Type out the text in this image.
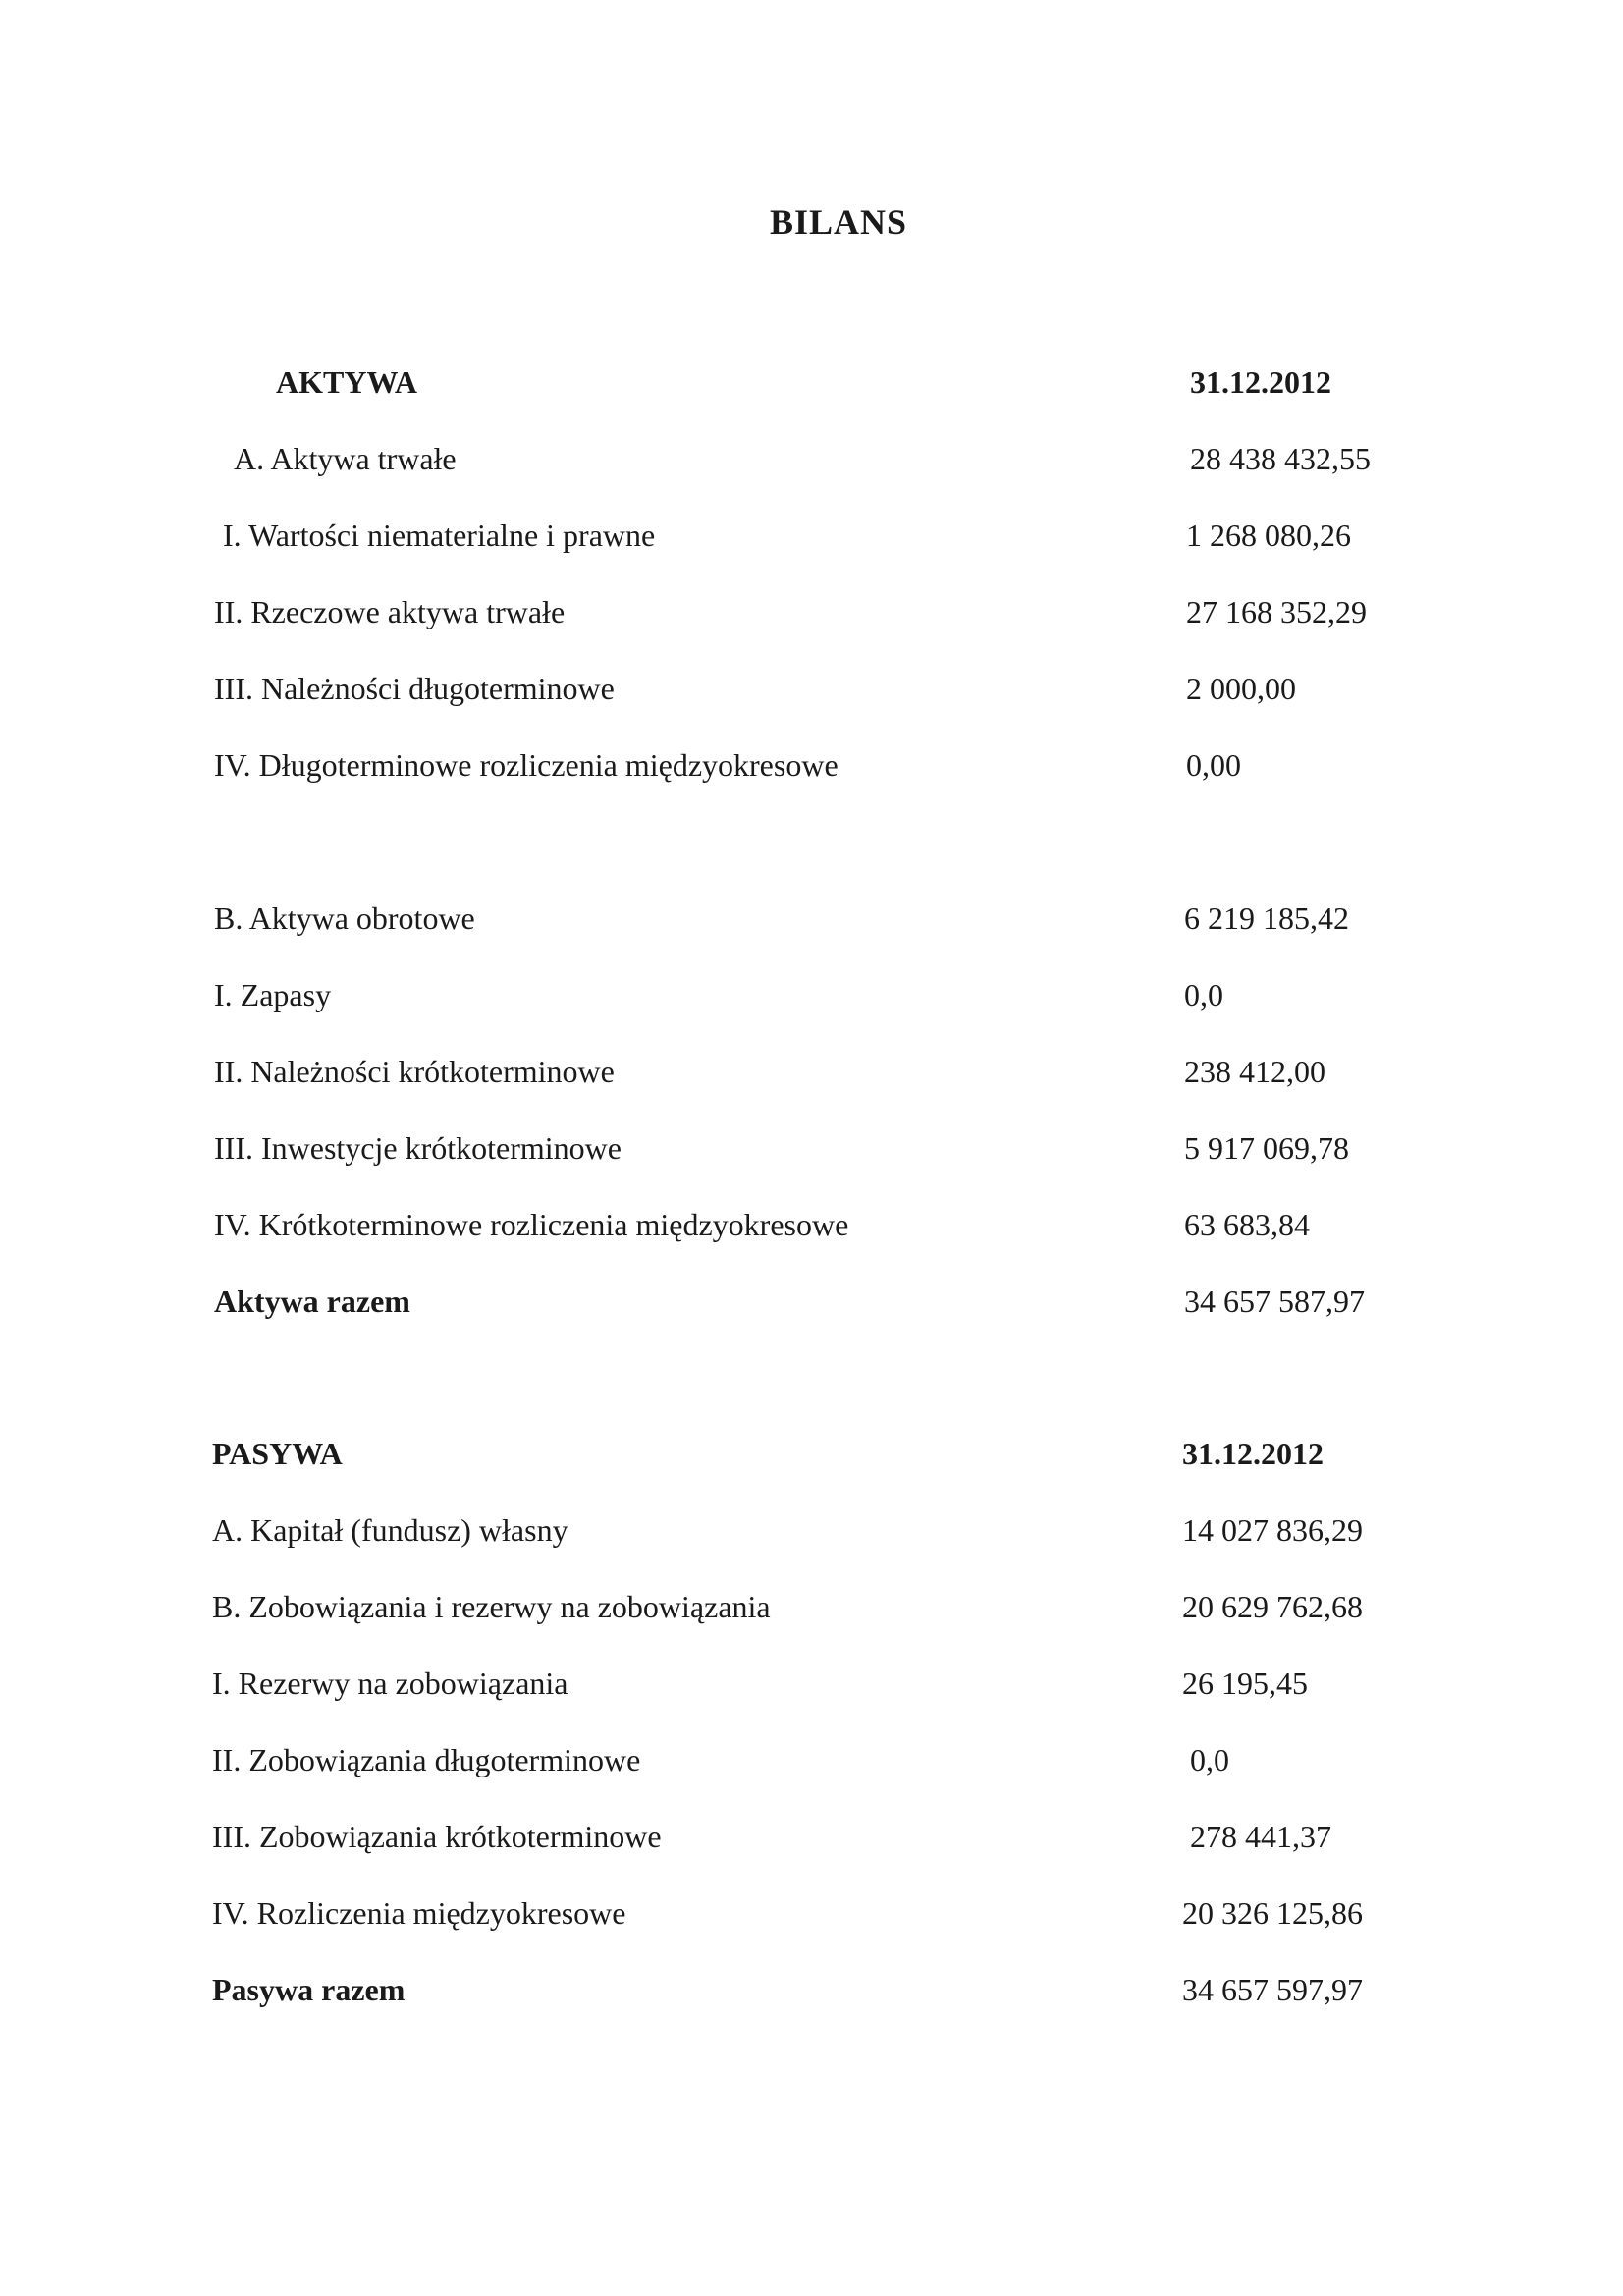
BILANS
AKTYWA	31.12.2012
A. Aktywa trwałe	28 438 432,55
I. Wartości niematerialne i prawne	1 268 080,26
II. Rzeczowe aktywa trwałe	27 168 352,29
III. Należności długoterminowe	2 000,00
IV. Długoterminowe rozliczenia międzyokresowe	0,00
B. Aktywa obrotowe	6 219 185,42
I. Zapasy	0,0
II. Należności krótkoterminowe	238 412,00
III. Inwestycje krótkoterminowe	5 917 069,78
IV. Krótkoterminowe rozliczenia międzyokresowe	63 683,84
Aktywa razem	34 657 587,97
PASYWA	31.12.2012
A. Kapitał (fundusz) własny	14 027 836,29
B. Zobowiązania i rezerwy na zobowiązania	20 629 762,68
I. Rezerwy na zobowiązania	26 195,45
II. Zobowiązania długoterminowe	0,0
III. Zobowiązania krótkoterminowe	278 441,37
IV. Rozliczenia międzyokresowe	20 326 125,86
Pasywa razem	34 657 597,97
